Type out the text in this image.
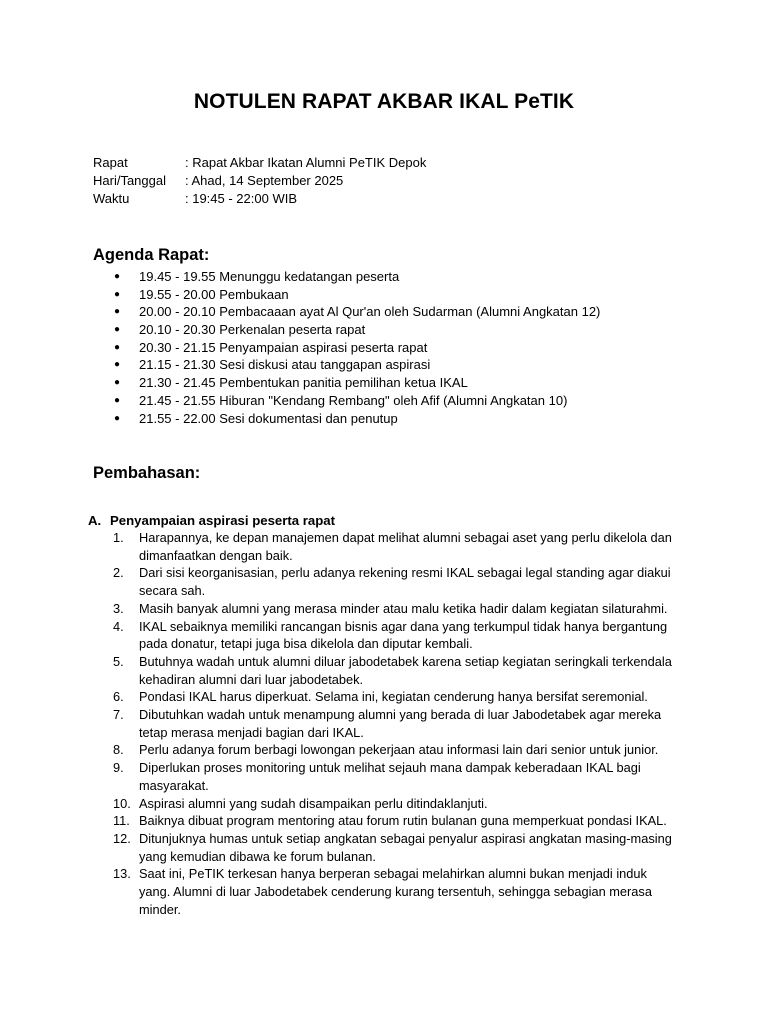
NOTULEN RAPAT AKBAR IKAL PeTIK
Rapat	: Rapat Akbar Ikatan Alumni PeTIK Depok
Hari/Tanggal	: Ahad, 14 September 2025
Waktu	: 19:45 - 22:00 WIB
Agenda Rapat:
● 19.45 - 19.55 Menunggu kedatangan peserta
● 19.55 - 20.00 Pembukaan
● 20.00 - 20.10 Pembacaaan ayat Al Qur'an oleh Sudarman (Alumni Angkatan 12)
● 20.10 - 20.30 Perkenalan peserta rapat
● 20.30 - 21.15 Penyampaian aspirasi peserta rapat
● 21.15 - 21.30 Sesi diskusi atau tanggapan aspirasi
● 21.30 - 21.45 Pembentukan panitia pemilihan ketua IKAL
● 21.45 - 21.55 Hiburan "Kendang Rembang" oleh Afif (Alumni Angkatan 10)
● 21.55 - 22.00 Sesi dokumentasi dan penutup
Pembahasan:
A. Penyampaian aspirasi peserta rapat
1. Harapannya, ke depan manajemen dapat melihat alumni sebagai aset yang perlu dikelola dan dimanfaatkan dengan baik.
2. Dari sisi keorganisasian, perlu adanya rekening resmi IKAL sebagai legal standing agar diakui secara sah.
3. Masih banyak alumni yang merasa minder atau malu ketika hadir dalam kegiatan silaturahmi.
4. IKAL sebaiknya memiliki rancangan bisnis agar dana yang terkumpul tidak hanya bergantung pada donatur, tetapi juga bisa dikelola dan diputar kembali.
5. Butuhnya wadah untuk alumni diluar jabodetabek karena setiap kegiatan seringkali terkendala kehadiran alumni dari luar jabodetabek.
6. Pondasi IKAL harus diperkuat. Selama ini, kegiatan cenderung hanya bersifat seremonial.
7. Dibutuhkan wadah untuk menampung alumni yang berada di luar Jabodetabek agar mereka tetap merasa menjadi bagian dari IKAL.
8. Perlu adanya forum berbagi lowongan pekerjaan atau informasi lain dari senior untuk junior.
9. Diperlukan proses monitoring untuk melihat sejauh mana dampak keberadaan IKAL bagi masyarakat.
10. Aspirasi alumni yang sudah disampaikan perlu ditindaklanjuti.
11. Baiknya dibuat program mentoring atau forum rutin bulanan guna memperkuat pondasi IKAL.
12. Ditunjuknya humas untuk setiap angkatan sebagai penyalur aspirasi angkatan masing-masing yang kemudian dibawa ke forum bulanan.
13. Saat ini, PeTIK terkesan hanya berperan sebagai melahirkan alumni bukan menjadi induk yang. Alumni di luar Jabodetabek cenderung kurang tersentuh, sehingga sebagian merasa minder.
